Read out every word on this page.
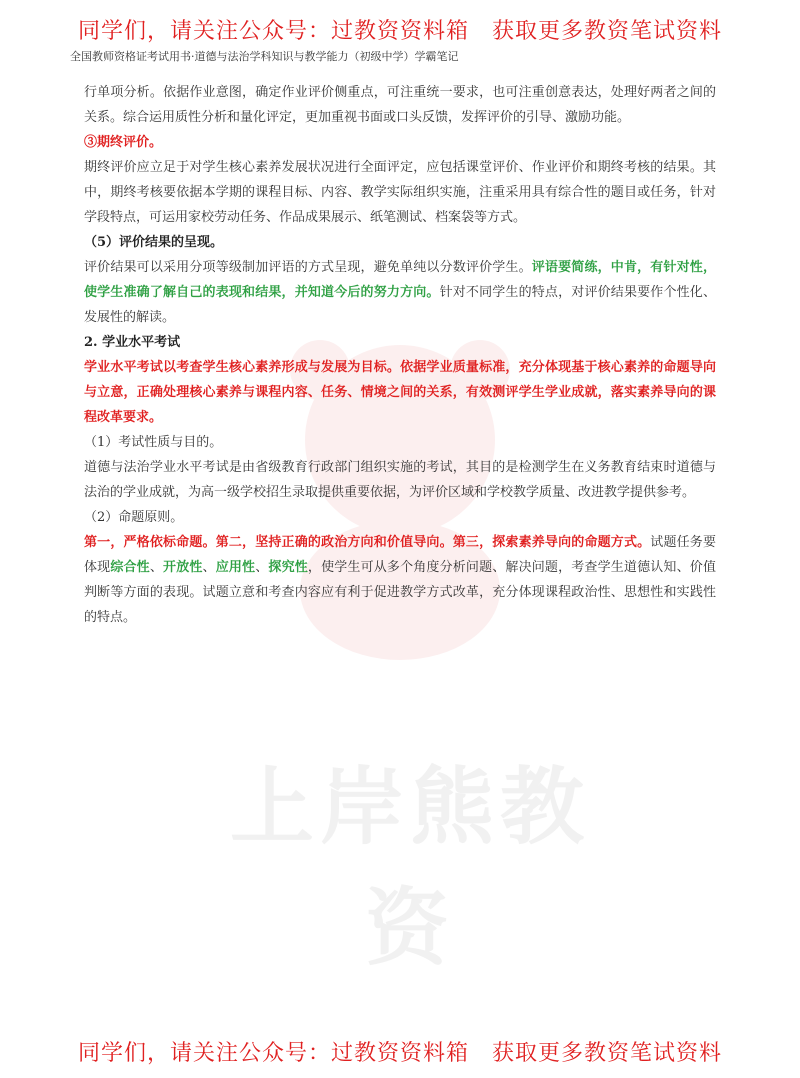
同学们，请关注公众号：过教资资料箱　获取更多教资笔试资料
全国教师资格证考试用书·道德与法治学科知识与教学能力（初级中学）学霸笔记
上岸熊教资

行单项分析。依据作业意图，确定作业评价侧重点，可注重统一要求，也可注重创意表达，处理好两者之间的关系。综合运用质性分析和量化评定，更加重视书面或口头反馈，发挥评价的引导、激励功能。

③期终评价。

期终评价应立足于对学生核心素养发展状况进行全面评定，应包括课堂评价、作业评价和期终考核的结果。其中，期终考核要依据本学期的课程目标、内容、教学实际组织实施，注重采用具有综合性的题目或任务，针对学段特点，可运用家校劳动任务、作品成果展示、纸笔测试、档案袋等方式。

（5）评价结果的呈现。

评价结果可以采用分项等级制加评语的方式呈现，避免单纯以分数评价学生。评语要简练，中肯，有针对性，使学生准确了解自己的表现和结果，并知道今后的努力方向。针对不同学生的特点，对评价结果要作个性化、发展性的解读。

2. 学业水平考试

学业水平考试以考查学生核心素养形成与发展为目标。依据学业质量标准，充分体现基于核心素养的命题导向与立意，正确处理核心素养与课程内容、任务、情境之间的关系，有效测评学生学业成就，落实素养导向的课程改革要求。

（1）考试性质与目的。

道德与法治学业水平考试是由省级教育行政部门组织实施的考试，其目的是检测学生在义务教育结束时道德与法治的学业成就，为高一级学校招生录取提供重要依据，为评价区域和学校教学质量、改进教学提供参考。

（2）命题原则。

第一，严格依标命题。第二，坚持正确的政治方向和价值导向。第三，探索素养导向的命题方式。试题任务要体现综合性、开放性、应用性、探究性，使学生可从多个角度分析问题、解决问题，考查学生道德认知、价值判断等方面的表现。试题立意和考查内容应有利于促进教学方式改革，充分体现课程政治性、思想性和实践性的特点。

同学们，请关注公众号：过教资资料箱　获取更多教资笔试资料
